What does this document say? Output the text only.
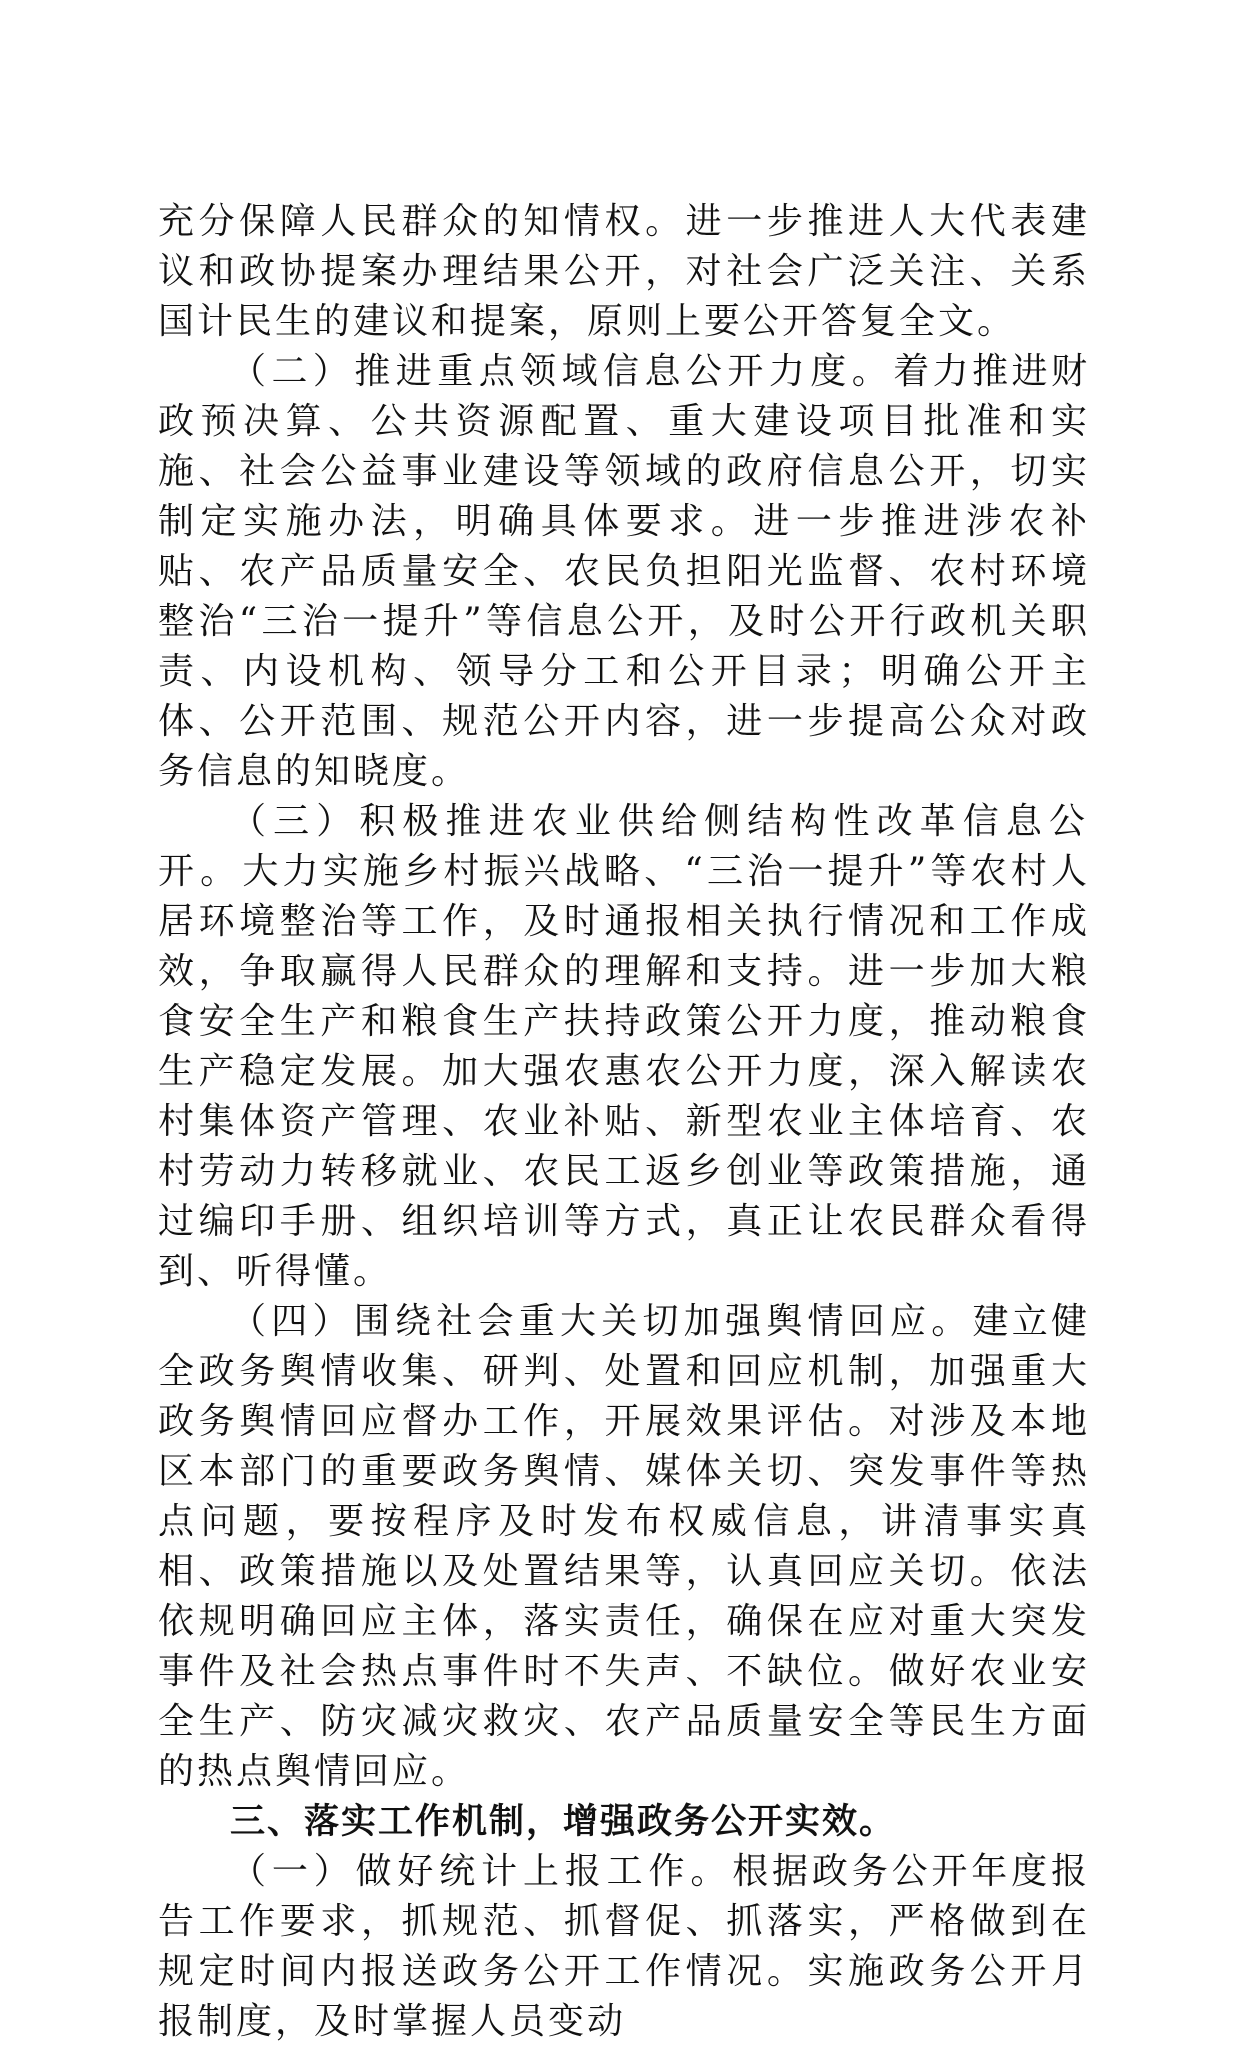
充分保障人民群众的知情权。进一步推进人大代表建议和政协提案办理结果公开，对社会广泛关注、关系国计民生的建议和提案，原则上要公开答复全文。

（二）推进重点领域信息公开力度。着力推进财政预决算、公共资源配置、重大建设项目批准和实施、社会公益事业建设等领域的政府信息公开，切实制定实施办法，明确具体要求。进一步推进涉农补贴、农产品质量安全、农民负担阳光监督、农村环境整治“三治一提升”等信息公开，及时公开行政机关职责、内设机构、领导分工和公开目录；明确公开主体、公开范围、规范公开内容，进一步提高公众对政务信息的知晓度。

（三）积极推进农业供给侧结构性改革信息公开。大力实施乡村振兴战略、“三治一提升”等农村人居环境整治等工作，及时通报相关执行情况和工作成效，争取赢得人民群众的理解和支持。进一步加大粮食安全生产和粮食生产扶持政策公开力度，推动粮食生产稳定发展。加大强农惠农公开力度，深入解读农村集体资产管理、农业补贴、新型农业主体培育、农村劳动力转移就业、农民工返乡创业等政策措施，通过编印手册、组织培训等方式，真正让农民群众看得到、听得懂。

（四）围绕社会重大关切加强舆情回应。建立健全政务舆情收集、研判、处置和回应机制，加强重大政务舆情回应督办工作，开展效果评估。对涉及本地区本部门的重要政务舆情、媒体关切、突发事件等热点问题，要按程序及时发布权威信息，讲清事实真相、政策措施以及处置结果等，认真回应关切。依法依规明确回应主体，落实责任，确保在应对重大突发事件及社会热点事件时不失声、不缺位。做好农业安全生产、防灾减灾救灾、农产品质量安全等民生方面的热点舆情回应。

三、落实工作机制，增强政务公开实效。

（一）做好统计上报工作。根据政务公开年度报告工作要求，抓规范、抓督促、抓落实，严格做到在规定时间内报送政务公开工作情况。实施政务公开月报制度，及时掌握人员变动
